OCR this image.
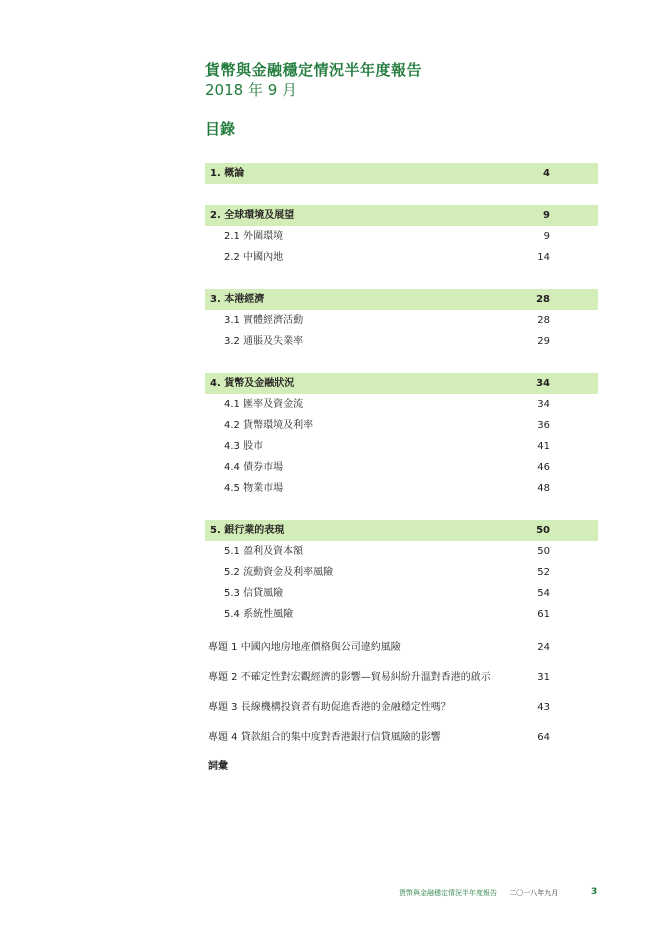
貨幣與金融穩定情況半年度報告
2018 年 9 月
目錄
1. 概論	4
2. 全球環境及展望	9
2.1 外圍環境	9
2.2 中國內地	14
3. 本港經濟	28
3.1 實體經濟活動	28
3.2 通脹及失業率	29
4. 貨幣及金融狀況	34
4.1 匯率及資金流	34
4.2 貨幣環境及利率	36
4.3 股市	41
4.4 債券市場	46
4.5 物業市場	48
5. 銀行業的表現	50
5.1 盈利及資本額	50
5.2 流動資金及利率風險	52
5.3 信貸風險	54
5.4 系統性風險	61
專題 1 中國內地房地產價格與公司違約風險	24
專題 2 不確定性對宏觀經濟的影響—貿易糾紛升溫對香港的啟示	31
專題 3 長線機構投資者有助促進香港的金融穩定性嗎？	43
專題 4 貸款組合的集中度對香港銀行信貸風險的影響	64
詞彙
貨幣與金融穩定情況半年度報告 二〇一八年九月	3
